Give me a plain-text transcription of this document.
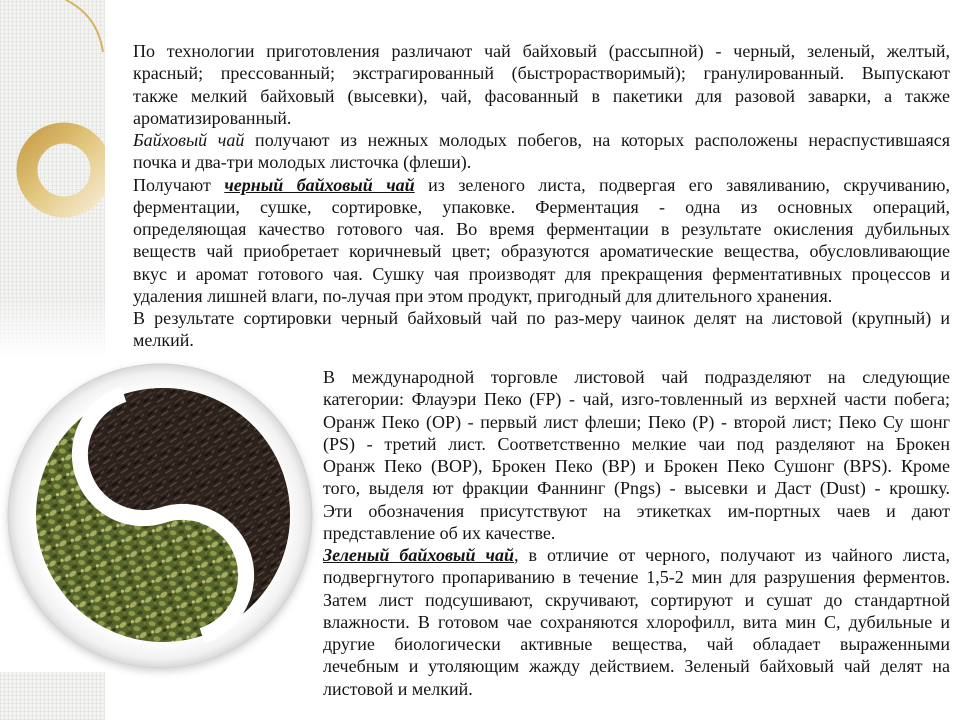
По технологии приготовления различают чай байховый (рассыпной) - черный, зеленый, желтый,
красный; прессованный; экстрагированный (быстрорастворимый); гранулированный. Выпускают
также мелкий байховый (высевки), чай, фасованный в пакетики для разовой заварки, а также
ароматизированный.
Байховый чай получают из нежных молодых побегов, на которых расположены нераспустившаяся
почка и два-три молодых листочка (флеши).
Получают черный байховый чай из зеленого листа, подвергая его завяливанию, скручиванию,
ферментации, сушке, сортировке, упаковке. Ферментация - одна из основных операций,
определяющая качество готового чая. Во время ферментации в результате окисления дубильных
веществ чай приобретает коричневый цвет; образуются ароматические вещества, обусловливающие
вкус и аромат готового чая. Сушку чая производят для прекращения ферментативных процессов и
удаления лишней влаги, по-лучая при этом продукт, пригодный для длительного хранения.
В результате сортировки черный байховый чай по раз-меру чаинок делят на листовой (крупный) и
мелкий.
В международной торговле листовой чай подразделяют на следующие
категории: Флауэри Пеко (FP) - чай, изго-товленный из верхней части побега;
Оранж Пеко (OP) - первый лист флеши; Пеко (P) - второй лист; Пеко Су шонг
(PS) - третий лист. Соответственно мелкие чаи под разделяют на Брокен
Оранж Пеко (BOP), Брокен Пеко (BP) и Брокен Пеко Сушонг (BPS). Кроме
того, выделя ют фракции Фаннинг (Pngs) - высевки и Даст (Dust) - крошку.
Эти обозначения присутствуют на этикетках им-портных чаев и дают
представление об их качестве.
Зеленый байховый чай, в отличие от черного, получают из чайного листа,
подвергнутого пропариванию в течение 1,5-2 мин для разрушения ферментов.
Затем лист подсушивают, скручивают, сортируют и сушат до стандартной
влажности. В готовом чае сохраняются хлорофилл, вита мин С, дубильные и
другие биологически активные вещества, чай обладает выраженными
лечебным и утоляющим жажду действием. Зеленый байховый чай делят на
листовой и мелкий.
